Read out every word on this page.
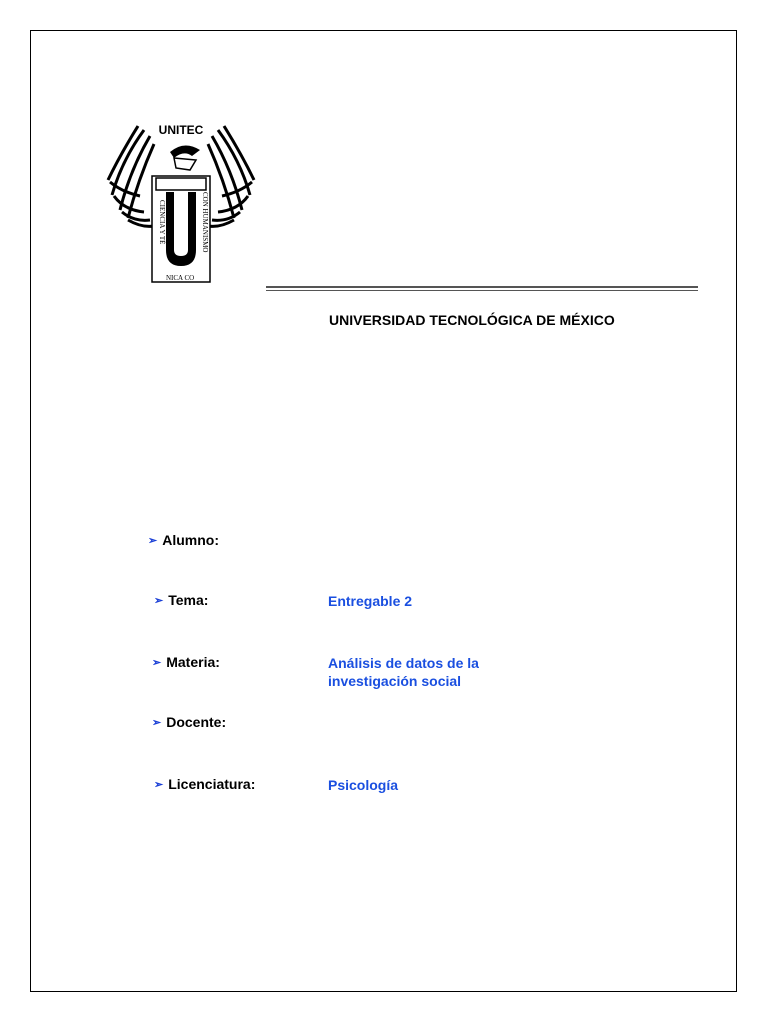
UNITEC
CIENCIA Y TÉ	CON HUMANISMO
NICA CO
UNIVERSIDAD TECNOLÓGICA DE MÉXICO
➢ Alumno:
➢ Tema:	Entregable 2
➢ Materia:	Análisis de datos de la
investigación social
➢ Docente:
➢ Licenciatura:	Psicología
